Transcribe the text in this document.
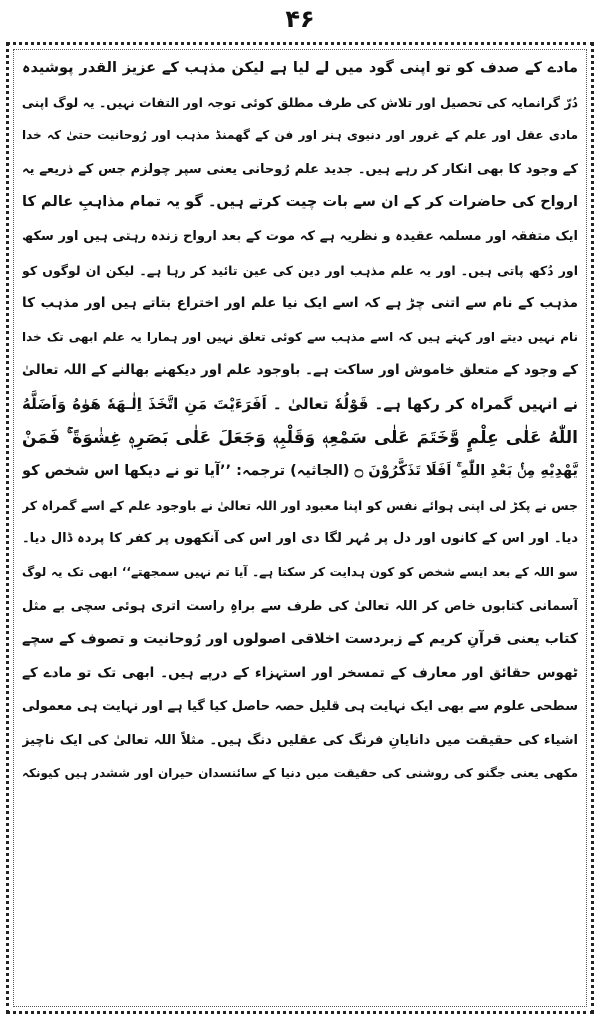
۴۶
مادے کے صدف کو تو اپنی گود میں لے لیا ہے لیکن مذہب کے عزیز القدر پوشیدہ
دُرّ گرانمایہ کی تحصیل اور تلاش کی طرف مطلق کوئی توجہ اور التفات نہیں۔ یہ لوگ اپنی
مادی عقل اور علم کے غرور اور دنیوی ہنر اور فن کے گھمنڈ مذہب اور رُوحانیت حتیٰ کہ خدا
کے وجود کا بھی انکار کر رہے ہیں۔ جدید علم رُوحانی یعنی سپر چولزم جس کے ذریعے یہ
ارواح کی حاضرات کر کے ان سے بات چیت کرتے ہیں۔ گو یہ تمام مذاہبِ عالم کا
ایک متفقہ اور مسلمہ عقیدہ و نظریہ ہے کہ موت کے بعد ارواح زندہ رہتی ہیں اور سکھ
اور دُکھ پاتی ہیں۔ اور یہ علم مذہب اور دین کی عین تائید کر رہا ہے۔ لیکن ان لوگوں کو
مذہب کے نام سے اتنی چڑ ہے کہ اسے ایک نیا علم اور اختراع بتاتے ہیں اور مذہب کا
نام نہیں دیتے اور کہتے ہیں کہ اسے مذہب سے کوئی تعلق نہیں اور ہمارا یہ علم ابھی تک خدا
کے وجود کے متعلق خاموش اور ساکت ہے۔ باوجود علم اور دیکھنے بھالنے کے اللہ تعالیٰ
نے انہیں گمراہ کر رکھا ہے۔ قَوْلُهٗ تعالیٰ ۔ اَفَرَءَيْتَ مَنِ اتَّخَذَ اِلٰـهَهٗ هَوٰهُ وَاَضَلَّهُ
اللّٰهُ عَلٰى عِلْمٍ وَّخَتَمَ عَلٰى سَمْعِهٖ وَقَلْبِهٖ وَجَعَلَ عَلٰى بَصَرِهٖ غِشٰوَةً ۚ فَمَنْ
يَّهْدِيْهِ مِنْۢ بَعْدِ اللّٰهِ ۚ اَفَلَا تَذَكَّرُوْنَ ۝ (الجاثیہ) ترجمہ: ’’آیا تو نے دیکھا اس شخص کو
جس نے پکڑ لی اپنی ہوائے نفس کو اپنا معبود اور اللہ تعالیٰ نے باوجود علم کے اسے گمراہ کر
دیا۔ اور اس کے کانوں اور دل پر مُہر لگا دی اور اس کی آنکھوں پر کفر کا پردہ ڈال دیا۔
سو اللہ کے بعد ایسے شخص کو کون ہدایت کر سکتا ہے۔ آیا تم نہیں سمجھتے‘‘ ابھی تک یہ لوگ
آسمانی کتابوں خاص کر اللہ تعالیٰ کی طرف سے براہِ راست اتری ہوئی سچی بے مثل
کتاب یعنی قرآنِ کریم کے زبردست اخلاقی اصولوں اور رُوحانیت و تصوف کے سچے
ٹھوس حقائق اور معارف کے تمسخر اور استہزاء کے درپے ہیں۔ ابھی تک تو مادے کے
سطحی علوم سے بھی ایک نہایت ہی قلیل حصہ حاصل کیا گیا ہے اور نہایت ہی معمولی
اشیاء کی حقیقت میں دانایانِ فرنگ کی عقلیں دنگ ہیں۔ مثلاً اللہ تعالیٰ کی ایک ناچیز
مکھی یعنی جگنو کی روشنی کی حقیقت میں دنیا کے سائنسدان حیران اور ششدر ہیں کیونکہ
